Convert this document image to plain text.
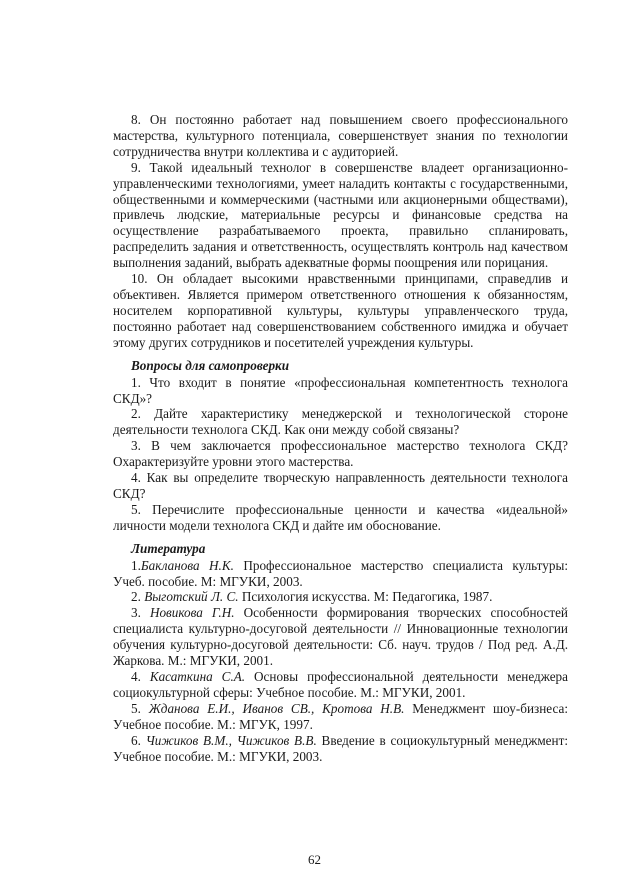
8. Он постоянно работает над повышением своего профессионального мастерства, культурного потенциала, совершенствует знания по технологии сотрудничества внутри коллектива и с аудиторией.

9. Такой идеальный технолог в совершенстве владеет организационно-управленческими технологиями, умеет наладить контакты с государственными, общественными и коммерческими (частными или акционерными обществами), привлечь людские, материальные ресурсы и финансовые средства на осуществление разрабатываемого проекта, правильно спланировать, распределить задания и ответственность, осуществлять контроль над качеством выполнения заданий, выбрать адекватные формы поощрения или порицания.

10. Он обладает высокими нравственными принципами, справедлив и объективен. Является примером ответственного отношения к обязанностям, носителем корпоративной культуры, культуры управленческого труда, постоянно работает над совершенствованием собственного имиджа и обучает этому других сотрудников и посетителей учреждения культуры.

Вопросы для самопроверки

1. Что входит в понятие «профессиональная компетентность технолога СКД»?

2. Дайте характеристику менеджерской и технологической стороне деятельности технолога СКД. Как они между собой связаны?

3. В чем заключается профессиональное мастерство технолога СКД? Охарактеризуйте уровни этого мастерства.

4. Как вы определите творческую направленность деятельности технолога СКД?

5. Перечислите профессиональные ценности и качества «идеальной» личности модели технолога СКД и дайте им обоснование.

Литература

1.Бакланова Н.К. Профессиональное мастерство специалиста культуры: Учеб. пособие. М: МГУКИ, 2003.

2. Выготский Л. С. Психология искусства. М: Педагогика, 1987.

3. Новикова Г.Н. Особенности формирования творческих способностей специалиста культурно-досуговой деятельности // Инновационные технологии обучения культурно-досуговой деятельности: Сб. науч. трудов / Под ред. А.Д. Жаркова. М.: МГУКИ, 2001.

4. Касаткина С.А. Основы профессиональной деятельности менеджера социокультурной сферы: Учебное пособие. М.: МГУКИ, 2001.

5. Жданова Е.И., Иванов СВ., Кротова Н.В. Менеджмент шоу-бизнеса: Учебное пособие. М.: МГУК, 1997.

6. Чижиков В.М., Чижиков В.В. Введение в социокультурный менеджмент: Учебное пособие. М.: МГУКИ, 2003.

62
